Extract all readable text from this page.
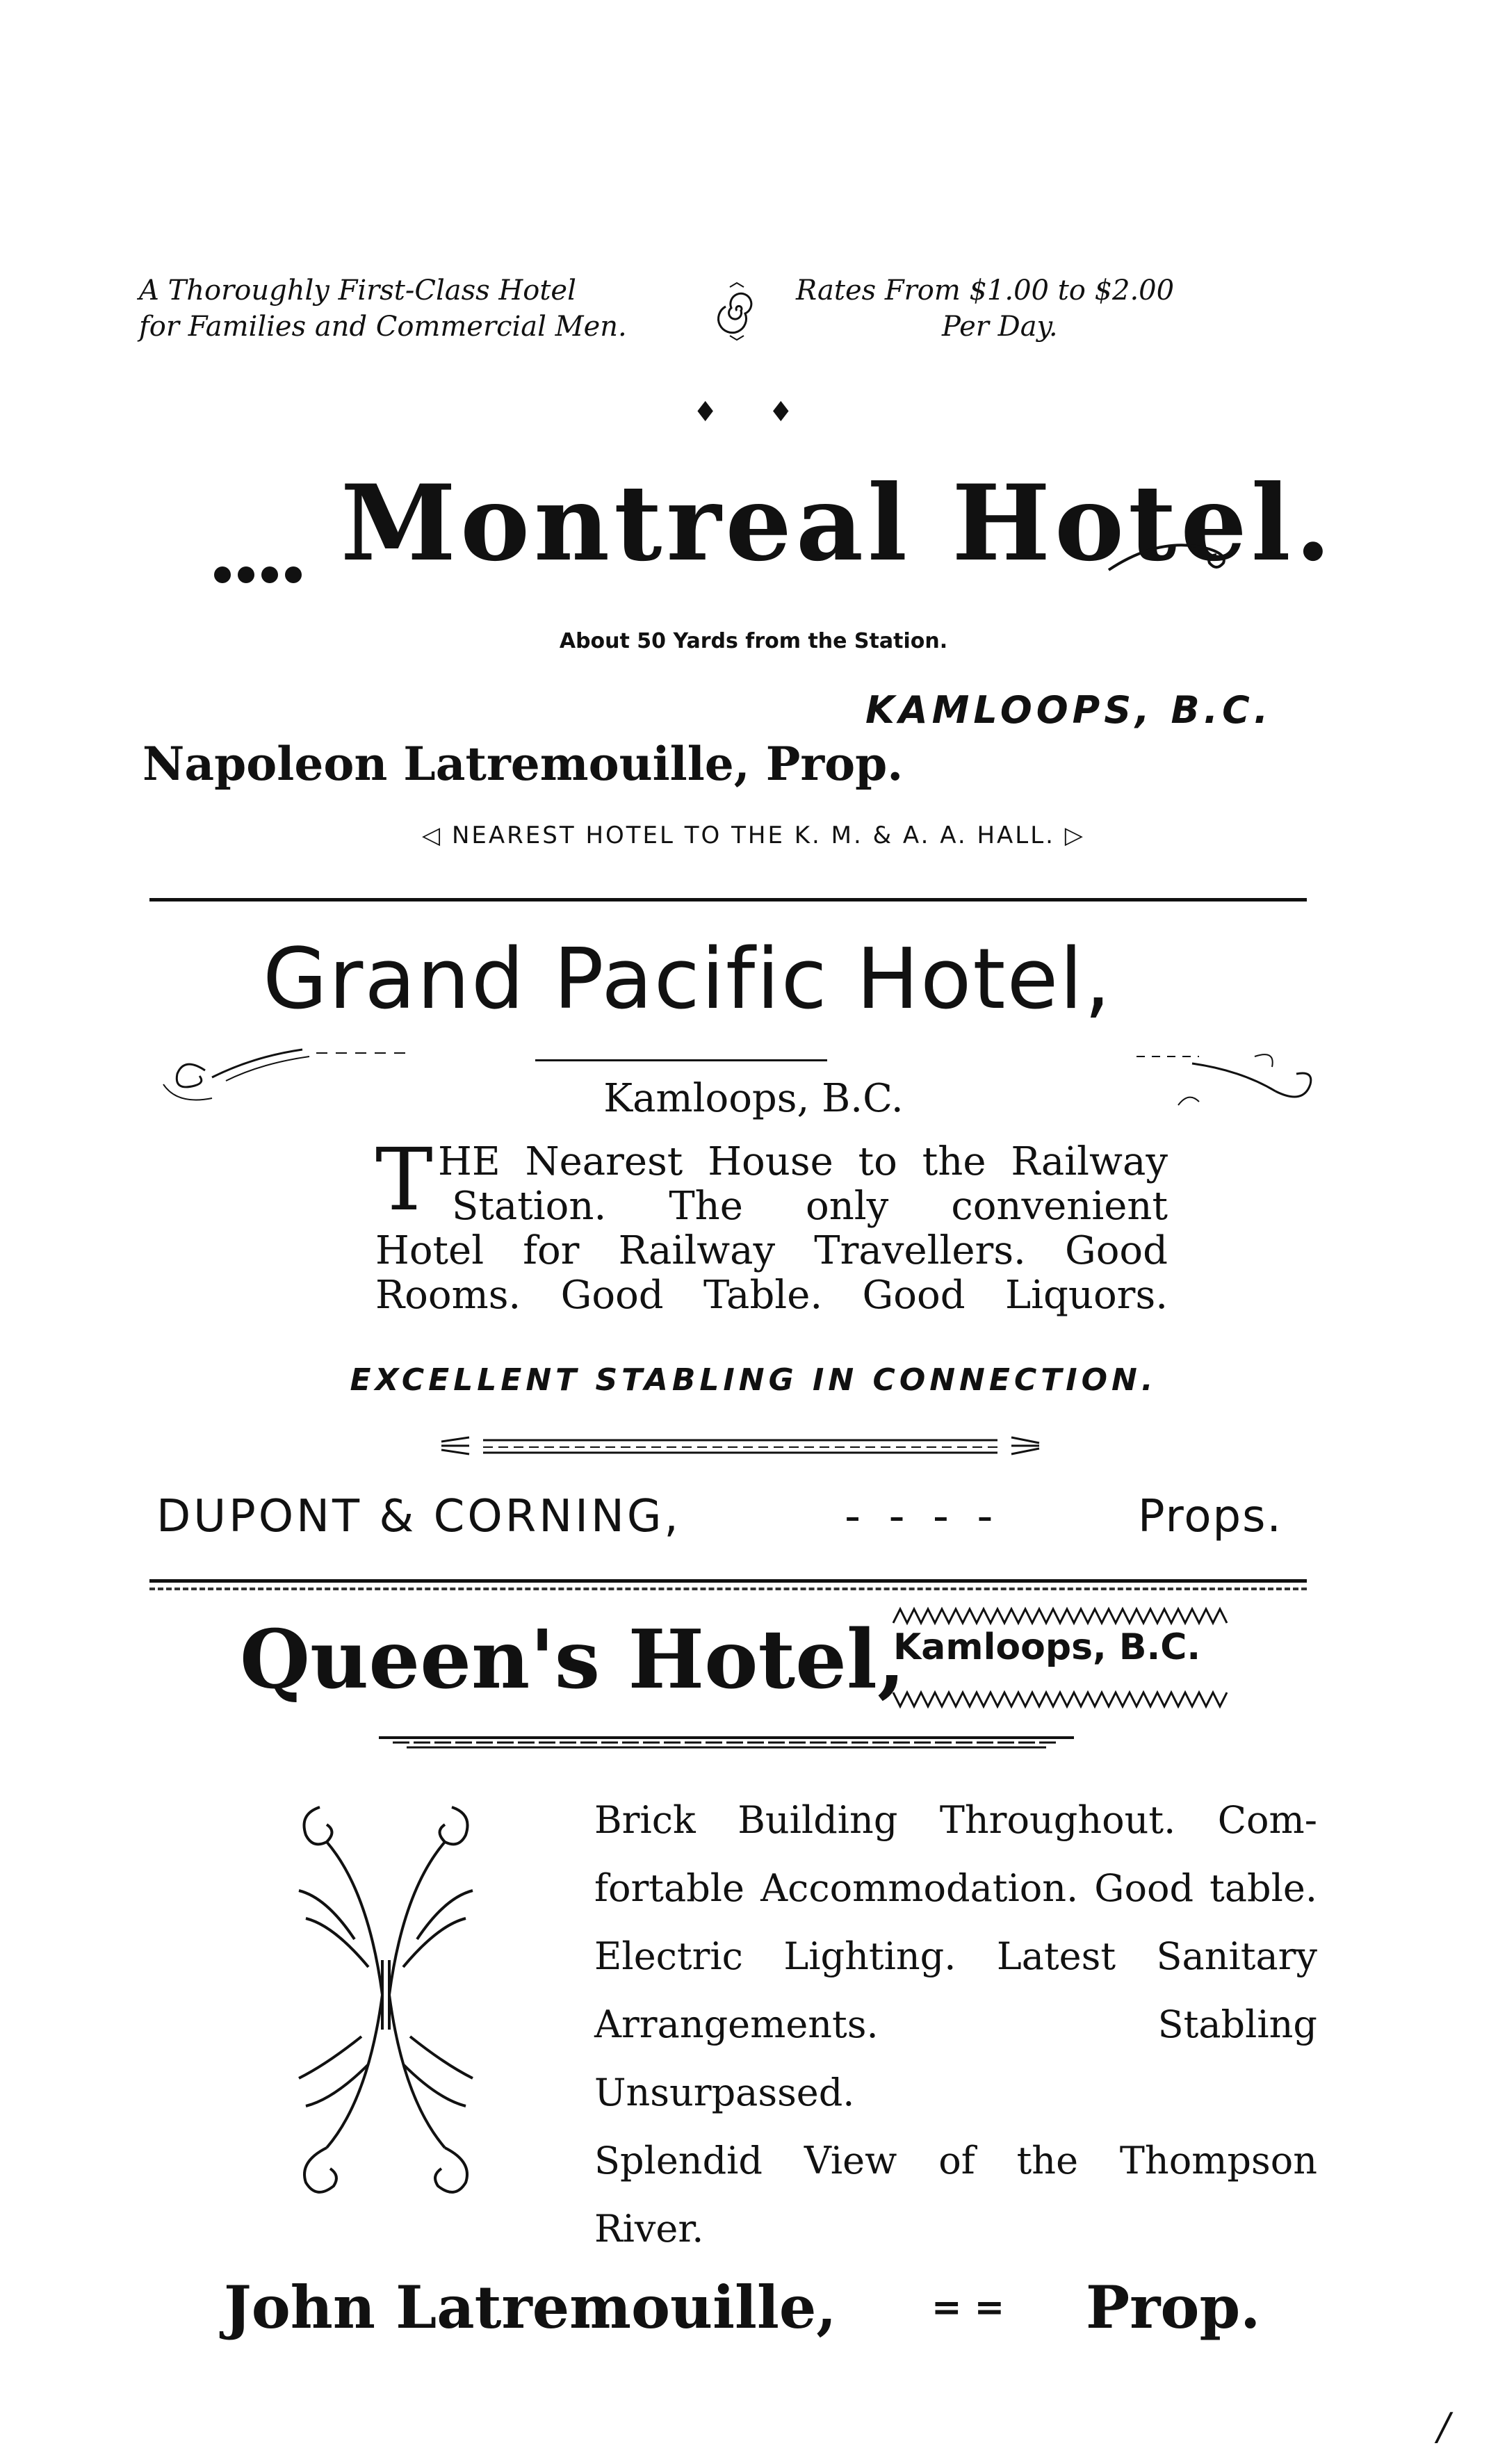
A Thoroughly First-Class Hotel
for Families and Commercial Men.
Rates From $1.00 to $2.00
Per Day.
♦ ♦
Montreal Hotel.
About 50 Yards from the Station.
KAMLOOPS, B.C.
Napoleon Latremouille, Prop.
◁ NEAREST HOTEL TO THE K. M. & A. A. HALL. ▷
Grand Pacific Hotel,
Kamloops, B.C.
T HE Nearest House to the Railway
Station. The only convenient
Hotel for Railway Travellers. Good
Rooms. Good Table. Good Liquors.
EXCELLENT STABLING IN CONNECTION.
DUPONT & CORNING,	- - - -	Props.
Queen's Hotel,
Kamloops, B.C.
Brick Building Throughout. Com-
fortable Accommodation. Good table.
Electric Lighting. Latest Sanitary
Arrangements. Stabling Unsurpassed.
Splendid View of the Thompson
River.
John Latremouille,	= = Prop.
/
